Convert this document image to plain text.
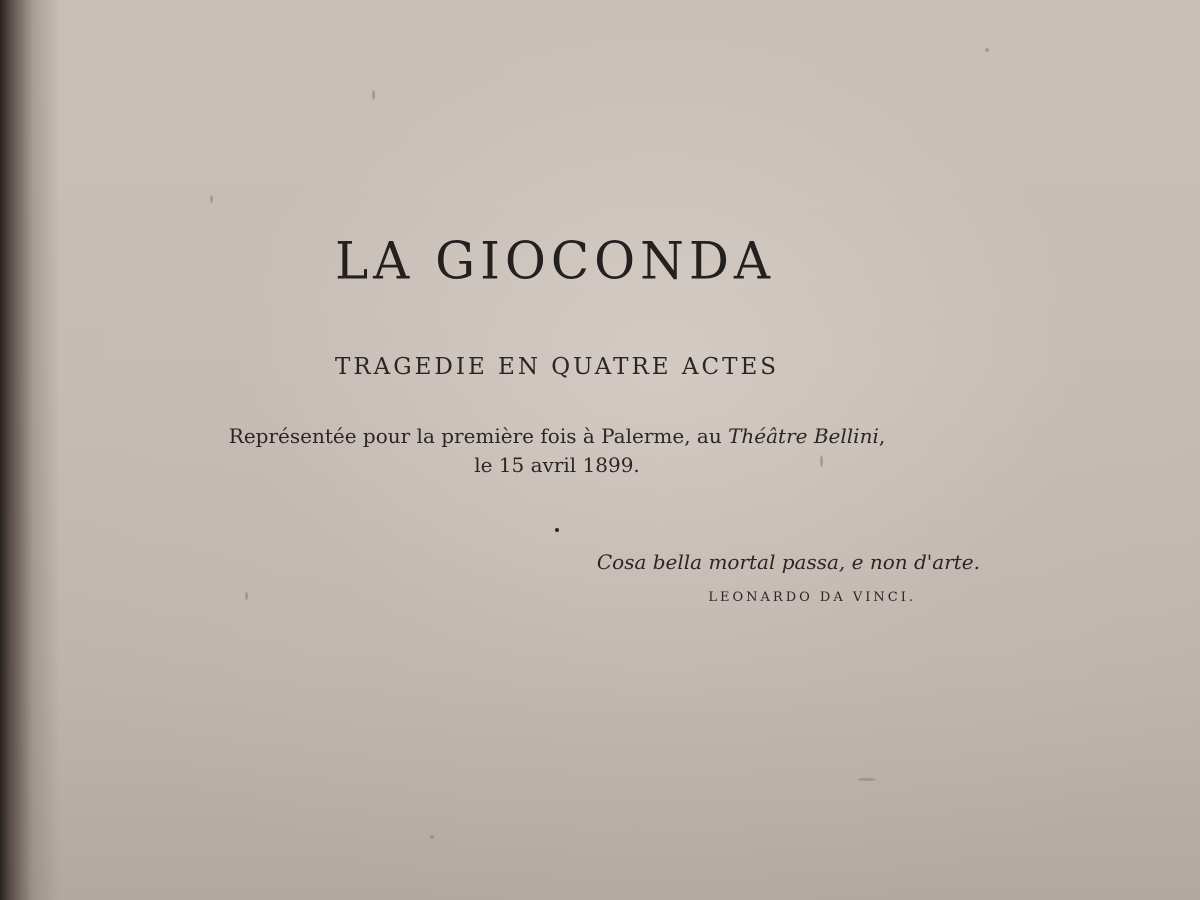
LA GIOCONDA
TRAGEDIE EN QUATRE ACTES
Représentée pour la première fois à Palerme, au Théâtre Bellini,
le 15 avril 1899.
Cosa bella mortal passa, e non d'arte.
LEONARDO DA VINCI.
